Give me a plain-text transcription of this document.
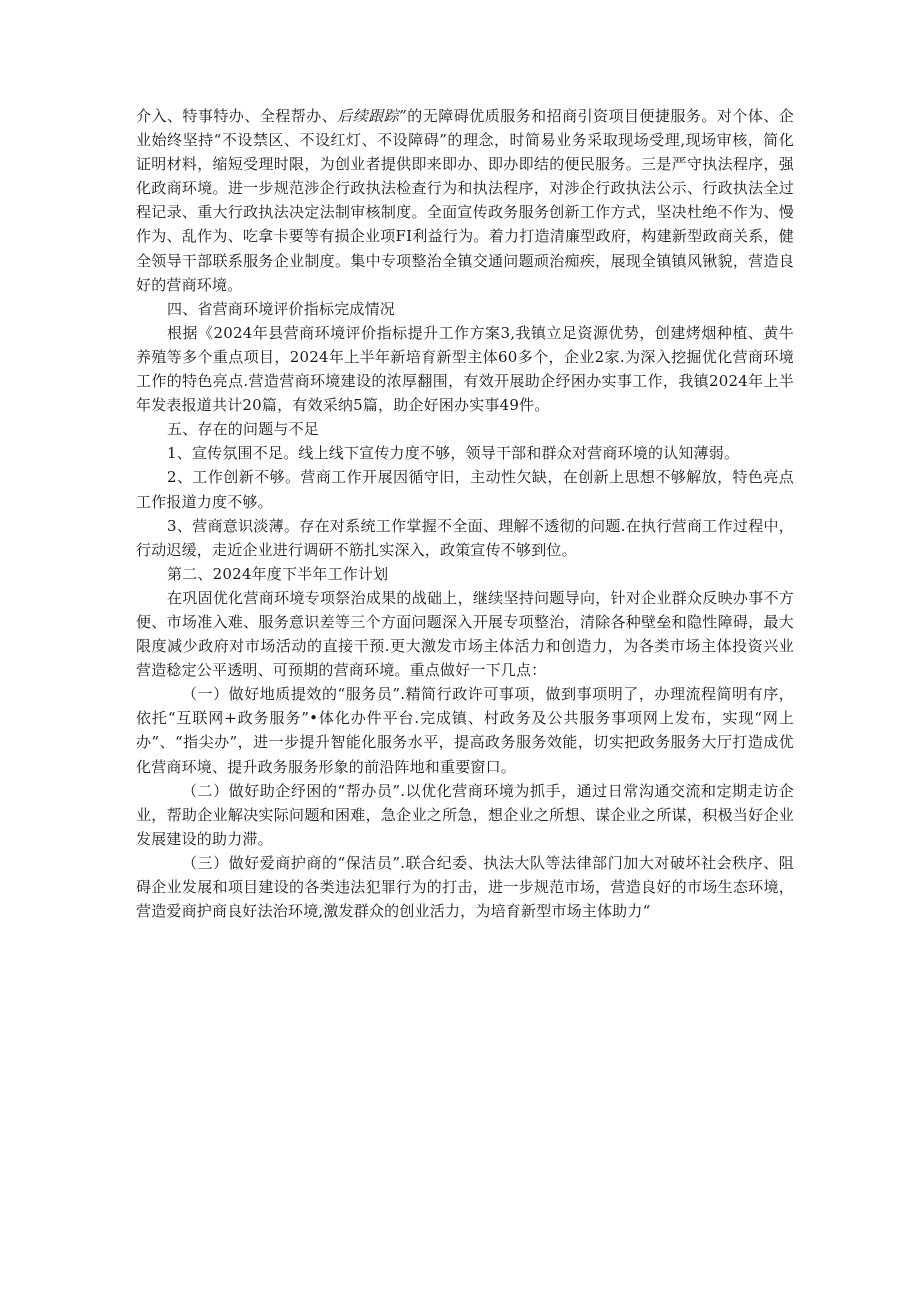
介入、特事特办、全程帮办、后续跟踪”的无障碍优质服务和招商引资项目便捷服务。对个体、企业始终坚持“不设禁区、不设红灯、不设障碍”的理念，时简易业务采取现场受理,现场审核，简化证明材料，缩短受理时限，为创业者提供即来即办、即办即结的便民服务。三是严守执法程序，强化政商环境。进一步规范涉企行政执法检查行为和执法程序，对涉企行政执法公示、行政执法全过程记录、重大行政执法决定法制审核制度。全面宣传政务服务创新工作方式，坚决杜绝不作为、慢作为、乱作为、吃拿卡要等有损企业项FI利益行为。着力打造清廉型政府，构建新型政商关系，健全领导干部联系服务企业制度。集中专项整治全镇交通问题顽治痴疾，展现全镇镇风锹貌，营造良好的营商环境。

四、省营商环境评价指标完成情况

根据《2024年县营商环境评价指标提升工作方案3,我镇立足资源优势，创建烤烟种植、黄牛养殖等多个重点项目，2024年上半年新培育新型主体60多个，企业2家.为深入挖掘优化营商环境工作的特色亮点.营造营商环境建设的浓厚翻围，有效开展助企纾困办实事工作，我镇2024年上半年发表报道共计20篇，有效采纳5篇，助企好困办实事49件。

五、存在的问题与不足

1、宣传氛围不足。线上线下宣传力度不够，领导干部和群众对营商环境的认知薄弱。

2、工作创新不够。营商工作开展因循守旧，主动性欠缺，在创新上思想不够解放，特色亮点工作报道力度不够。

3、营商意识淡薄。存在对系统工作掌握不全面、理解不透彻的问题.在执行营商工作过程中，行动迟缓，走近企业进行调研不筋扎实深入，政策宣传不够到位。

第二、2024年度下半年工作计划

在巩固优化营商环境专项祭治成果的战础上，继续坚持问题导向，针对企业群众反映办事不方便、市场准入难、服务意识差等三个方面问题深入开展专项整治，清除各种壁垒和隐性障碍，最大限度减少政府对市场活动的直接干预.更大激发市场主体活力和创造力，为各类市场主体投资兴业营造稔定公平透明、可预期的营商环境。重点做好一下几点：

（一）做好地质提效的“服务员”.精简行政许可事项，做到事项明了，办理流程简明有序，依托“互联网+政务服务”•体化办件平台.完成镇、村政务及公共服务事项网上发布，实现“网上办”、“指尖办”，进一步提升智能化服务水平，提高政务服务效能，切实把政务服务大厅打造成优化营商环境、提升政务服务形象的前沿阵地和重要窗口。

（二）做好助企纾困的“帮办员”.以优化营商环境为抓手，通过日常沟通交流和定期走访企业，帮助企业解决实际问题和困难，急企业之所急，想企业之所想、谋企业之所谋，积极当好企业发展建设的助力滞。

（三）做好爱商护商的“保洁员”.联合纪委、执法大队等法律部门加大对破坏社会秩序、阻碍企业发展和项目建设的各类违法犯罪行为的打击，进一步规范市场，营造良好的市场生态环境，营造爱商护商良好法治环境,激发群众的创业活力，为培育新型市场主体助力“
